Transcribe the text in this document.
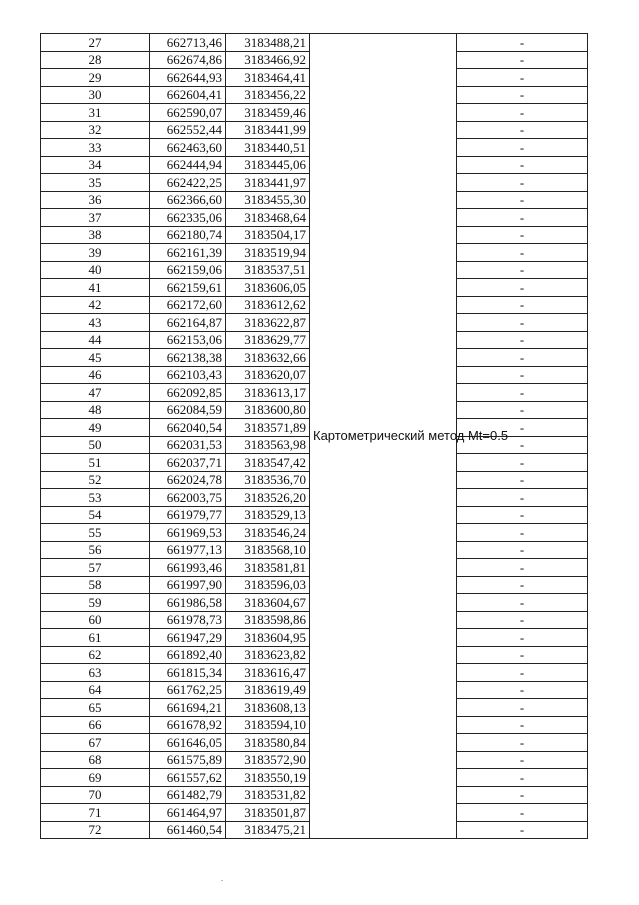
27	662713,46	3183488,21	Картометрический метод Mt=0.5	-
28	662674,86	3183466,92		-
29	662644,93	3183464,41		-
30	662604,41	3183456,22		-
31	662590,07	3183459,46		-
32	662552,44	3183441,99		-
33	662463,60	3183440,51		-
34	662444,94	3183445,06		-
35	662422,25	3183441,97		-
36	662366,60	3183455,30		-
37	662335,06	3183468,64		-
38	662180,74	3183504,17		-
39	662161,39	3183519,94		-
40	662159,06	3183537,51		-
41	662159,61	3183606,05		-
42	662172,60	3183612,62		-
43	662164,87	3183622,87		-
44	662153,06	3183629,77		-
45	662138,38	3183632,66		-
46	662103,43	3183620,07		-
47	662092,85	3183613,17		-
48	662084,59	3183600,80		-
49	662040,54	3183571,89		-
50	662031,53	3183563,98		-
51	662037,71	3183547,42		-
52	662024,78	3183536,70		-
53	662003,75	3183526,20		-
54	661979,77	3183529,13		-
55	661969,53	3183546,24		-
56	661977,13	3183568,10		-
57	661993,46	3183581,81		-
58	661997,90	3183596,03		-
59	661986,58	3183604,67		-
60	661978,73	3183598,86		-
61	661947,29	3183604,95		-
62	661892,40	3183623,82		-
63	661815,34	3183616,47		-
64	661762,25	3183619,49		-
65	661694,21	3183608,13		-
66	661678,92	3183594,10		-
67	661646,05	3183580,84		-
68	661575,89	3183572,90		-
69	661557,62	3183550,19		-
70	661482,79	3183531,82		-
71	661464,97	3183501,87		-
72	661460,54	3183475,21		-
